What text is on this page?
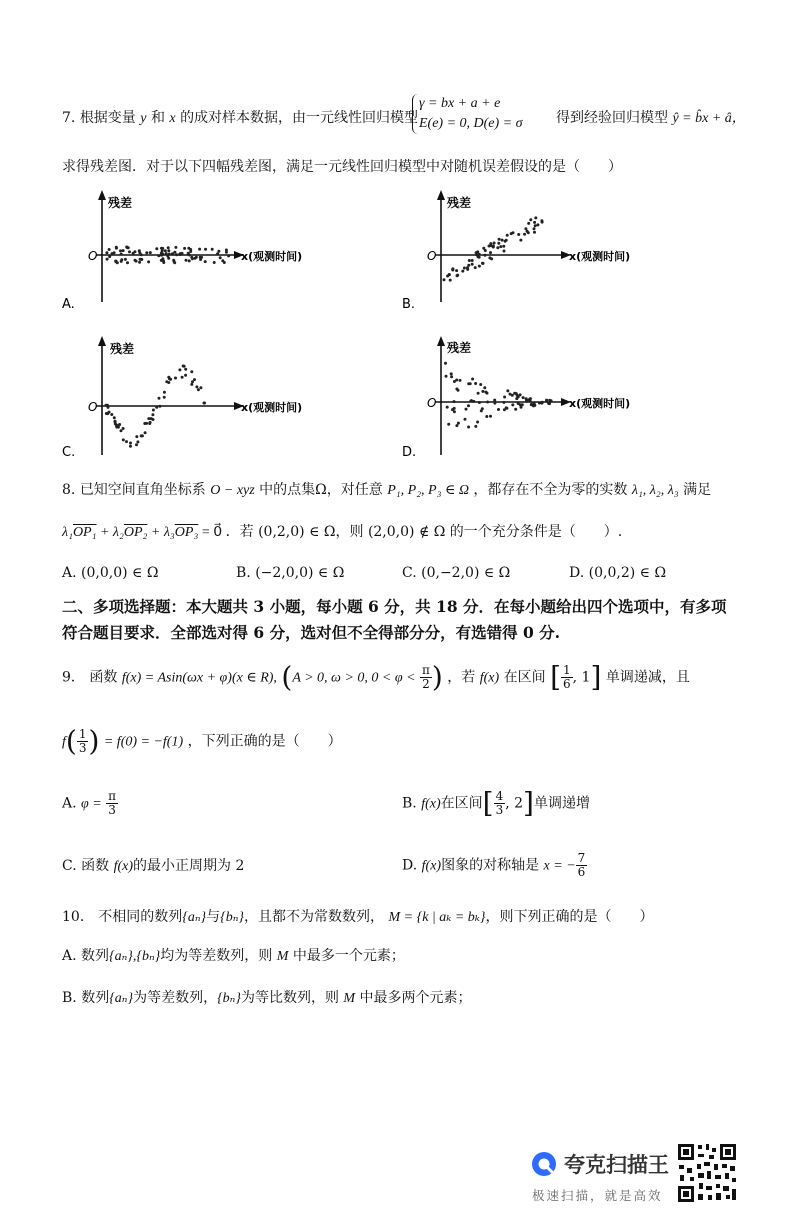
7. 根据变量 y 和 x 的成对样本数据，由一元线性回归模型
γ = bx + a + e
E(e) = 0, D(e) = σ 得到经验回归模型 ŷ = b̂x + â，
求得残差图．对于以下四幅残差图，满足一元线性回归模型中对随机误差假设的是（　　）
残差
O	x(观测时间)
A.
残差
O	x(观测时间)
B.
残差
O	x(观测时间)
C.
残差
O	x(观测时间)
D.
8. 已知空间直角坐标系 O − xyz 中的点集Ω，对任意 P₁, P₂, P₃ ∈ Ω ，都存在不全为零的实数 λ₁, λ₂, λ₃ 满足
λ₁OP₁ + λ₂OP₂ + λ₃OP₃ = 0⃗ ．若 (0,2,0) ∈ Ω，则 (2,0,0) ∉ Ω 的一个充分条件是（　　）.
A. (0,0,0) ∈ Ω	B. (−2,0,0) ∈ Ω	C. (0,−2,0) ∈ Ω	D. (0,0,2) ∈ Ω
二、多项选择题：本大题共 3 小题，每小题 6 分，共 18 分．在每小题给出四个选项中，有多项
符合题目要求．全部选对得 6 分，选对但不全得部分分，有选错得 0 分.
9． 函数 f(x) = Asin(ωx + φ)(x ∈ R), (A > 0, ω > 0, $0 < \varphi < \frac{\pi}{2}$ ) ，若 f(x) 在区间 [ $\frac{1}{6}$ , 1] 单调递减，且
$f( \frac{1}{3}$ ) = f(0) = −f(1) ，下列正确的是（　　）
A. $\varphi = \frac{\pi}{3}$	B. f(x)在区间[ $\frac{4}{3}$ , 2]单调递增
C. 函数 f(x)的最小正周期为 2	D. f(x)图象的对称轴是 x = − $\frac{7}{6}$
10． 不相同的数列{aₙ}与{bₙ}，且都不为常数数列， M = {k | aₖ = bₖ}，则下列正确的是（　　）
A. 数列{aₙ},{bₙ}均为等差数列，则 M 中最多一个元素；
B. 数列{aₙ}为等差数列，{bₙ}为等比数列，则 M 中最多两个元素；
夸克扫描王
极速扫描，就是高效
